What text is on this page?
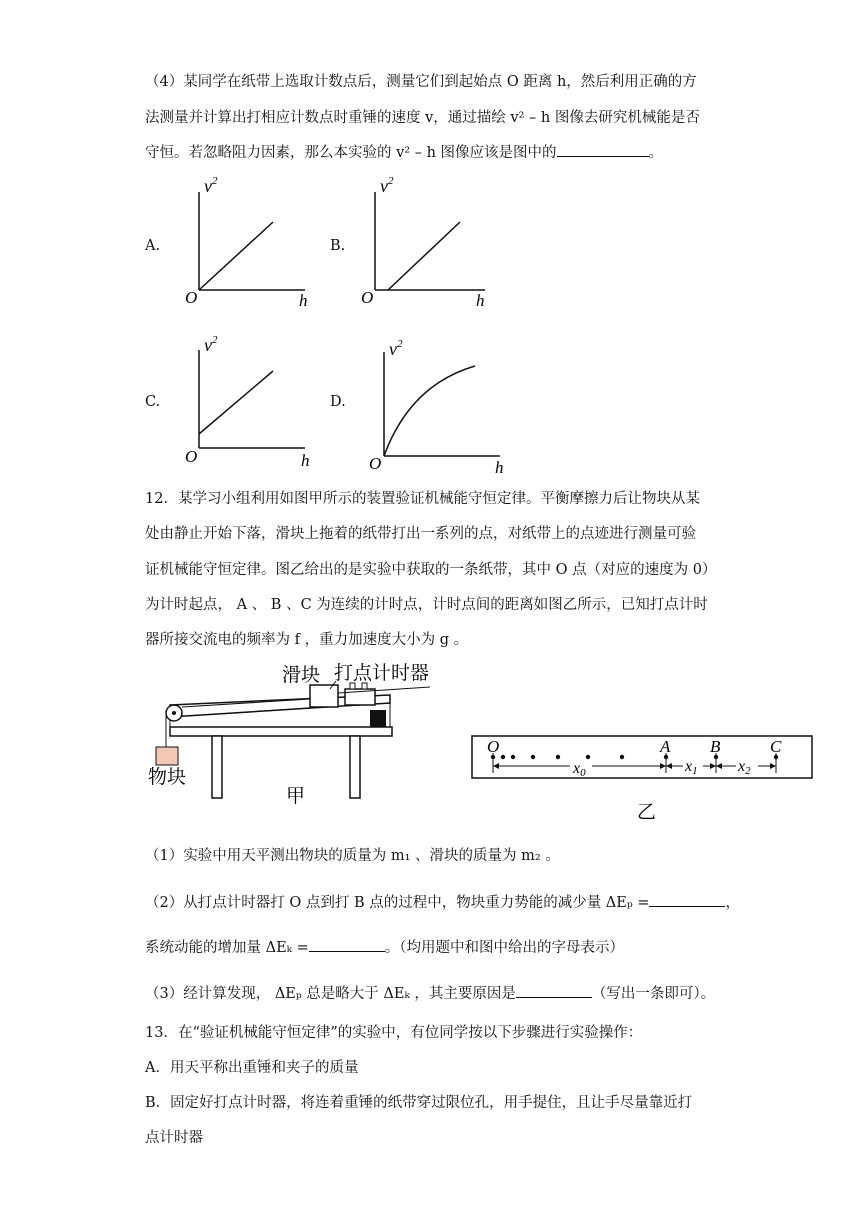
（4）某同学在纸带上选取计数点后，测量它们到起始点 O 距离 h，然后利用正确的方
法测量并计算出打相应计数点时重锤的速度 v，通过描绘 v² – h 图像去研究机械能是否
守恒。若忽略阻力因素，那么本实验的 v² – h 图像应该是图中的	。
A.	B.
C.	D.
$v^2$
O	h
$v^2$
O	h
$v^2$
O	h
$v^2$
O	h
12．某学习小组利用如图甲所示的装置验证机械能守恒定律。平衡摩擦力后让物块从某
处由静止开始下落，滑块上拖着的纸带打出一系列的点，对纸带上的点迹进行测量可验
证机械能守恒定律。图乙给出的是实验中获取的一条纸带，其中 O 点（对应的速度为 0）
为计时起点， A 、 B 、C 为连续的计时点，计时点间的距离如图乙所示，已知打点计时
器所接交流电的频率为 f ，重力加速度大小为 g 。
滑块 打点计时器
物块
甲
O	A B	C
x0	x1	x2
乙
（1）实验中用天平测出物块的质量为 m₁ 、滑块的质量为 m₂ 。
（2）从打点计时器打 O 点到打 B 点的过程中，物块重力势能的减少量 ΔEₚ =	，
系统动能的增加量 ΔEₖ =	。（均用题中和图中给出的字母表示）
（3）经计算发现， ΔEₚ 总是略大于 ΔEₖ ，其主要原因是	（写出一条即可）。
13．在“验证机械能守恒定律”的实验中，有位同学按以下步骤进行实验操作：
A．用天平称出重锤和夹子的质量
B．固定好打点计时器，将连着重锤的纸带穿过限位孔，用手提住，且让手尽量靠近打
点计时器
